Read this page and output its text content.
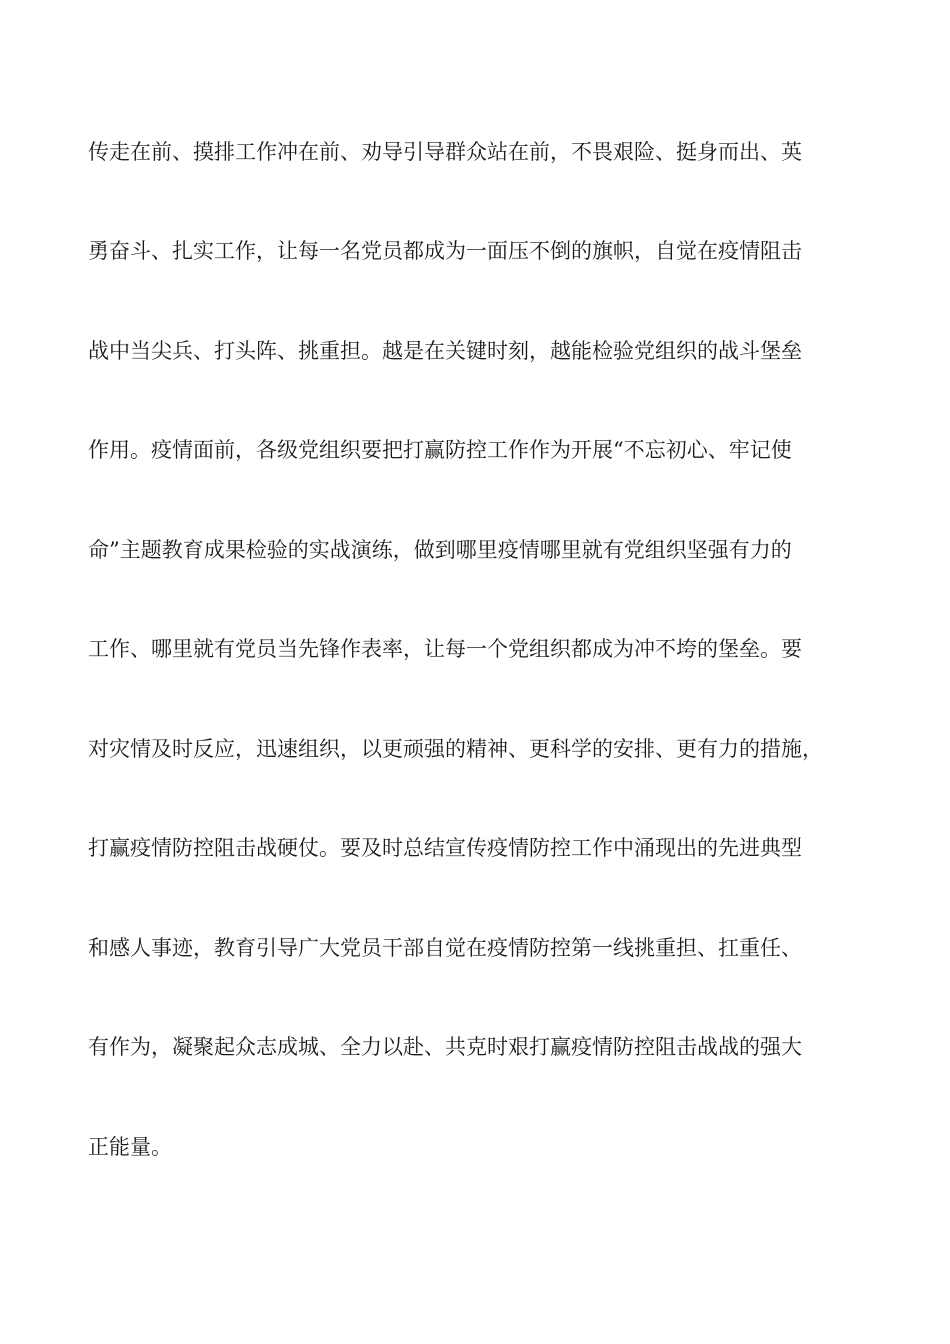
传走在前、摸排工作冲在前、劝导引导群众站在前，不畏艰险、挺身而出、英
勇奋斗、扎实工作，让每一名党员都成为一面压不倒的旗帜，自觉在疫情阻击
战中当尖兵、打头阵、挑重担。越是在关键时刻，越能检验党组织的战斗堡垒
作用。疫情面前，各级党组织要把打赢防控工作作为开展“不忘初心、牢记使
命”主题教育成果检验的实战演练，做到哪里疫情哪里就有党组织坚强有力的
工作、哪里就有党员当先锋作表率，让每一个党组织都成为冲不垮的堡垒。要
对灾情及时反应，迅速组织，以更顽强的精神、更科学的安排、更有力的措施，
打赢疫情防控阻击战硬仗。要及时总结宣传疫情防控工作中涌现出的先进典型
和感人事迹，教育引导广大党员干部自觉在疫情防控第一线挑重担、扛重任、
有作为，凝聚起众志成城、全力以赴、共克时艰打赢疫情防控阻击战战的强大
正能量。
